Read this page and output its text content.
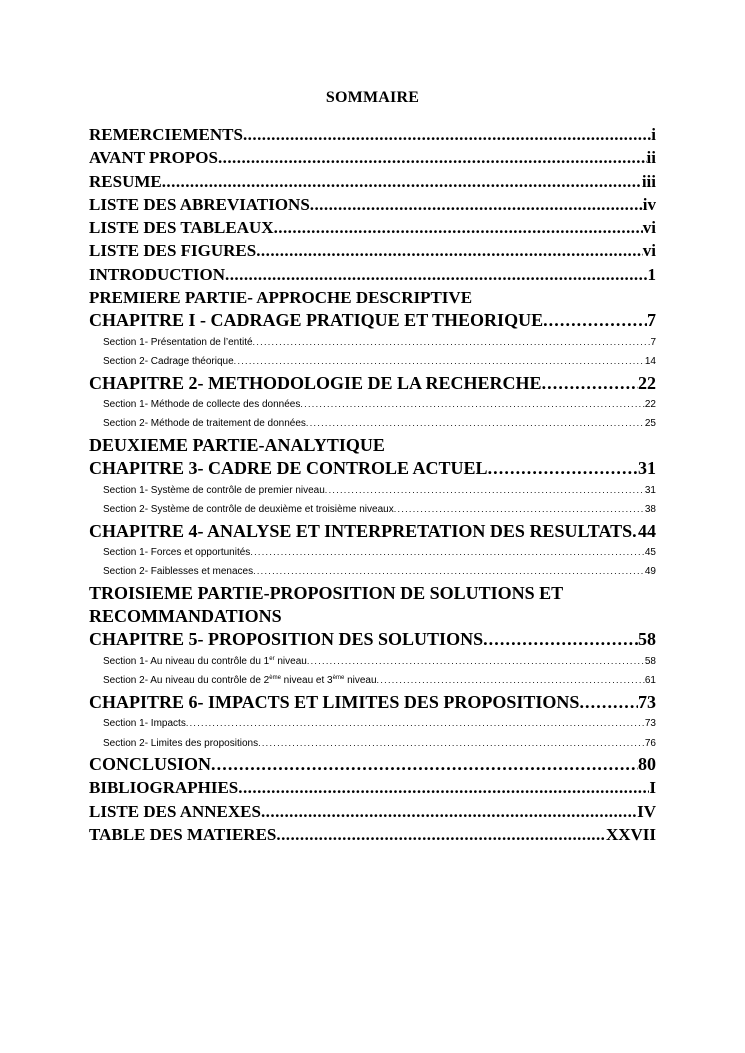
SOMMAIRE
REMERCIEMENTS . . .	i
AVANT PROPOS . . .	ii
RESUME . . .	iii
LISTE DES ABREVIATIONS . . .	iv
LISTE DES TABLEAUX . . .	vi
LISTE DES FIGURES . . .	vi
INTRODUCTION . . .	1
PREMIERE PARTIE- APPROCHE DESCRIPTIVE
CHAPITRE I - CADRAGE PRATIQUE ET THEORIQUE . . .	7
Section 1- Présentation de l’entité . . .	7
Section 2- Cadrage théorique . . .	14
CHAPITRE 2- METHODOLOGIE DE LA RECHERCHE . . .	22
Section 1- Méthode de collecte des données . . .	22
Section 2- Méthode de traitement de données . . .	25
DEUXIEME PARTIE-ANALYTIQUE
CHAPITRE 3- CADRE DE CONTROLE ACTUEL . . .	31
Section 1- Système de contrôle de premier niveau . . .	31
Section 2- Système de contrôle de deuxième et troisième niveaux . . .	38
CHAPITRE 4- ANALYSE ET INTERPRETATION DES RESULTATS . . . 44
Section 1- Forces et opportunités . . .	45
Section 2- Faiblesses et menaces . . .	49
TROISIEME PARTIE-PROPOSITION DE SOLUTIONS ET
RECOMMANDATIONS
CHAPITRE 5- PROPOSITION DES SOLUTIONS . . .	58
Section 1- Au niveau du contrôle du 1er niveau . . .	58
Section 2- Au niveau du contrôle de 2ème niveau et 3ème niveau . . .	61
CHAPITRE 6- IMPACTS ET LIMITES DES PROPOSITIONS . . .	73
Section 1- Impacts . . .	73
Section 2- Limites des propositions . . .	76
CONCLUSION . . .	80
BIBLIOGRAPHIES . . .	I
LISTE DES ANNEXES . . .	IV
TABLE DES MATIERES . . .	XXVII
